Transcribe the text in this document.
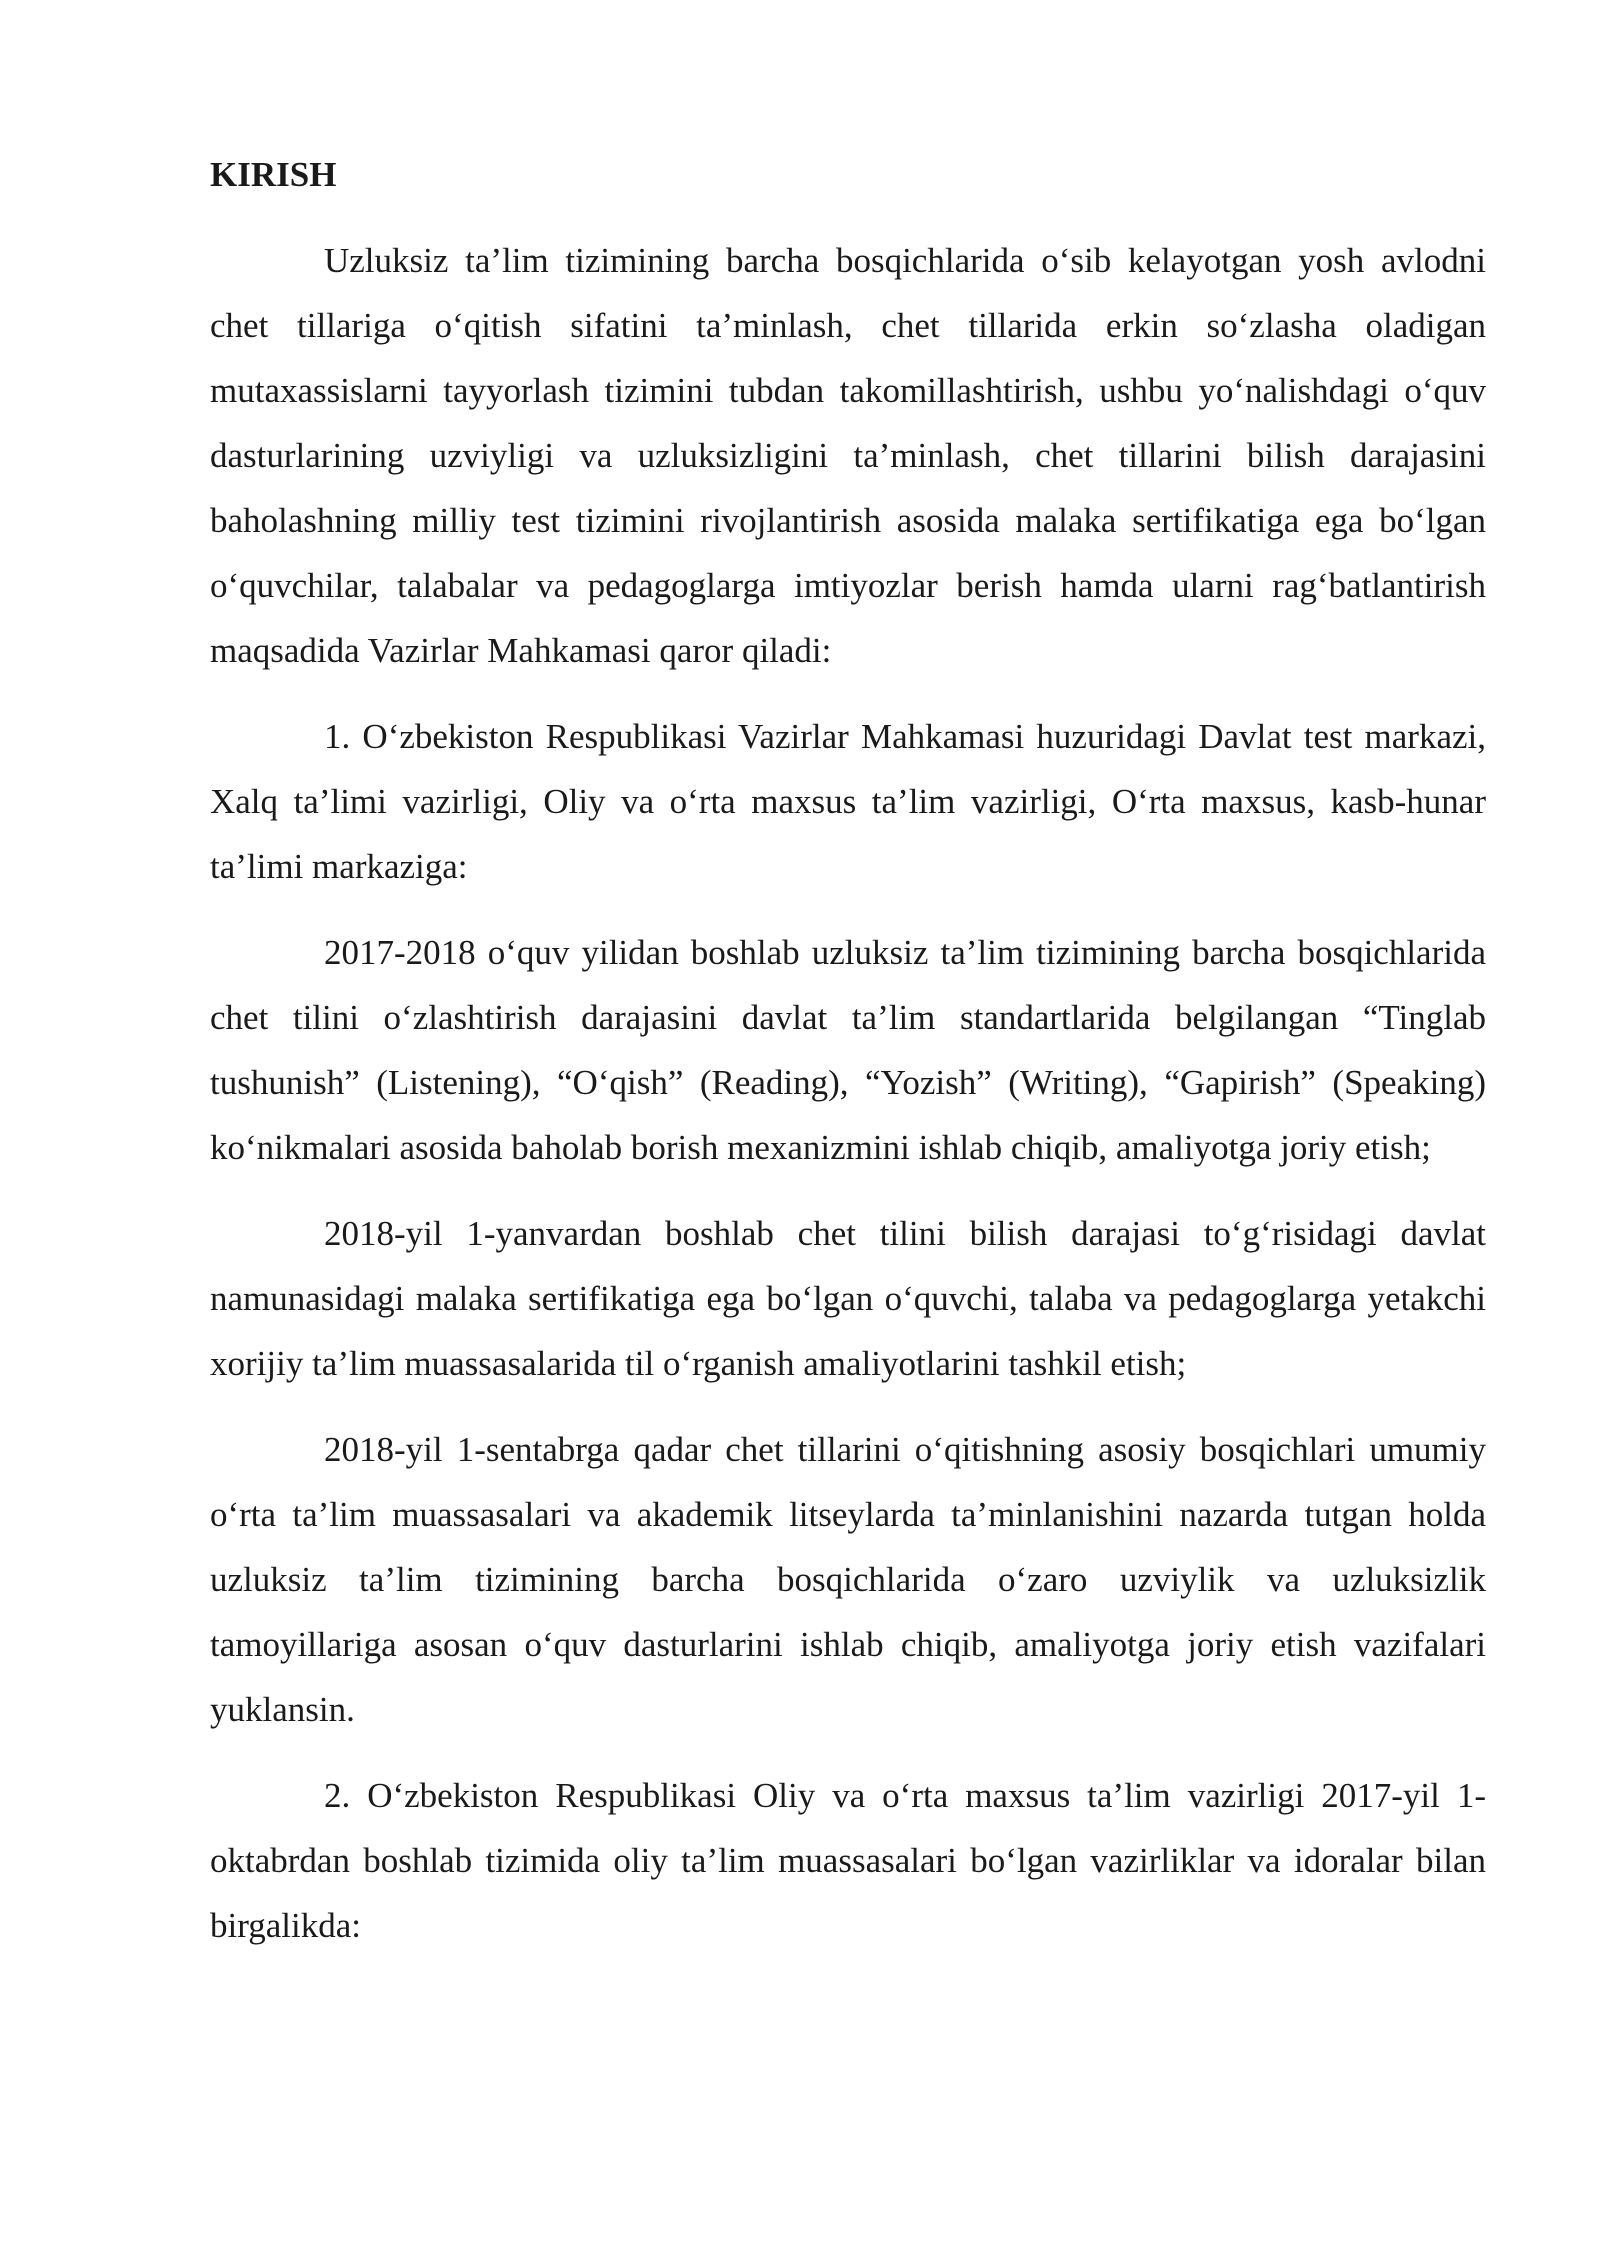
KIRISH

Uzluksiz ta’lim tizimining barcha bosqichlarida o‘sib kelayotgan yosh avlodni chet tillariga o‘qitish sifatini ta’minlash, chet tillarida erkin so‘zlasha oladigan mutaxassislarni tayyorlash tizimini tubdan takomillashtirish, ushbu yo‘nalishdagi o‘quv dasturlarining uzviyligi va uzluksizligini ta’minlash, chet tillarini bilish darajasini baholashning milliy test tizimini rivojlantirish asosida malaka sertifikatiga ega bo‘lgan o‘quvchilar, talabalar va pedagoglarga imtiyozlar berish hamda ularni rag‘batlantirish maqsadida Vazirlar Mahkamasi qaror qiladi:

1. O‘zbekiston Respublikasi Vazirlar Mahkamasi huzuridagi Davlat test markazi, Xalq ta’limi vazirligi, Oliy va o‘rta maxsus ta’lim vazirligi, O‘rta maxsus, kasb-hunar ta’limi markaziga:

2017-2018 o‘quv yilidan boshlab uzluksiz ta’lim tizimining barcha bosqichlarida chet tilini o‘zlashtirish darajasini davlat ta’lim standartlarida belgilangan “Tinglab tushunish” (Listening), “O‘qish” (Reading), “Yozish” (Writing), “Gapirish” (Speaking) ko‘nikmalari asosida baholab borish mexanizmini ishlab chiqib, amaliyotga joriy etish;

2018-yil 1-yanvardan boshlab chet tilini bilish darajasi to‘g‘risidagi davlat namunasidagi malaka sertifikatiga ega bo‘lgan o‘quvchi, talaba va pedagoglarga yetakchi xorijiy ta’lim muassasalarida til o‘rganish amaliyotlarini tashkil etish;

2018-yil 1-sentabrga qadar chet tillarini o‘qitishning asosiy bosqichlari umumiy o‘rta ta’lim muassasalari va akademik litseylarda ta’minlanishini nazarda tutgan holda uzluksiz ta’lim tizimining barcha bosqichlarida o‘zaro uzviylik va uzluksizlik tamoyillariga asosan o‘quv dasturlarini ishlab chiqib, amaliyotga joriy etish vazifalari yuklansin.

2. O‘zbekiston Respublikasi Oliy va o‘rta maxsus ta’lim vazirligi 2017-yil 1-oktabrdan boshlab tizimida oliy ta’lim muassasalari bo‘lgan vazirliklar va idoralar bilan birgalikda:
